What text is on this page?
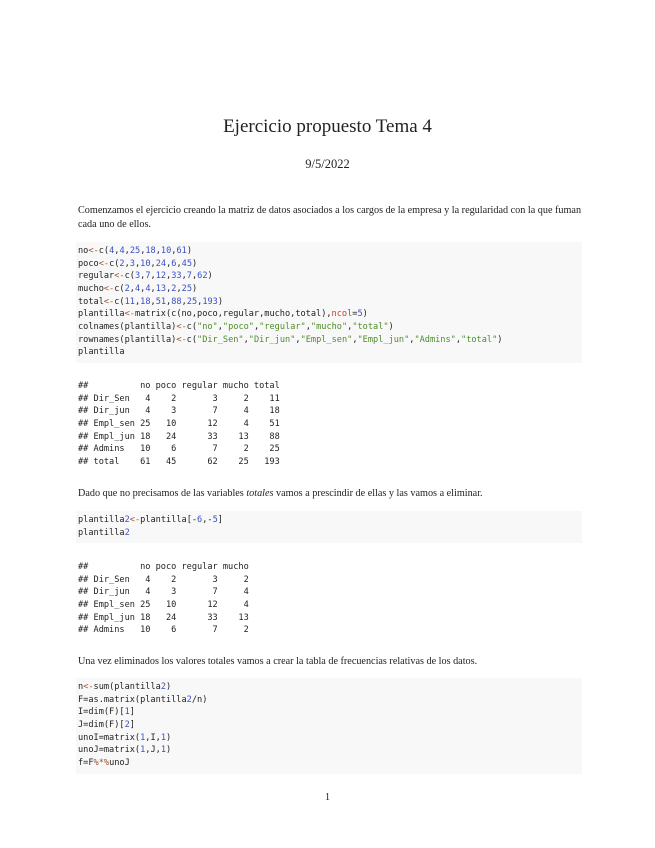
Ejercicio propuesto Tema 4
9/5/2022

Comenzamos el ejercicio creando la matriz de datos asociados a los cargos de la empresa y la regularidad con la que fuman cada uno de ellos.

no<-c(4,4,25,18,10,61)
poco<-c(2,3,10,24,6,45)
regular<-c(3,7,12,33,7,62)
mucho<-c(2,4,4,13,2,25)
total<-c(11,18,51,88,25,193)
plantilla<-matrix(c(no,poco,regular,mucho,total),ncol=5)
colnames(plantilla)<-c("no","poco","regular","mucho","total")
rownames(plantilla)<-c("Dir_Sen","Dir_jun","Empl_sen","Empl_jun","Admins","total")
plantilla
##          no poco regular mucho total
## Dir_Sen   4    2       3     2    11
## Dir_jun   4    3       7     4    18
## Empl_sen 25   10      12     4    51
## Empl_jun 18   24      33    13    88
## Admins   10    6       7     2    25
## total    61   45      62    25   193

Dado que no precisamos de las variables totales vamos a prescindir de ellas y las vamos a eliminar.

plantilla2<-plantilla[-6,-5]
plantilla2
##          no poco regular mucho
## Dir_Sen   4    2       3     2
## Dir_jun   4    3       7     4
## Empl_sen 25   10      12     4
## Empl_jun 18   24      33    13
## Admins   10    6       7     2

Una vez eliminados los valores totales vamos a crear la tabla de frecuencias relativas de los datos.

n<-sum(plantilla2)
F=as.matrix(plantilla2/n)
I=dim(F)[1]
J=dim(F)[2]
unoI=matrix(1,I,1)
unoJ=matrix(1,J,1)
f=F%*%unoJ
1
